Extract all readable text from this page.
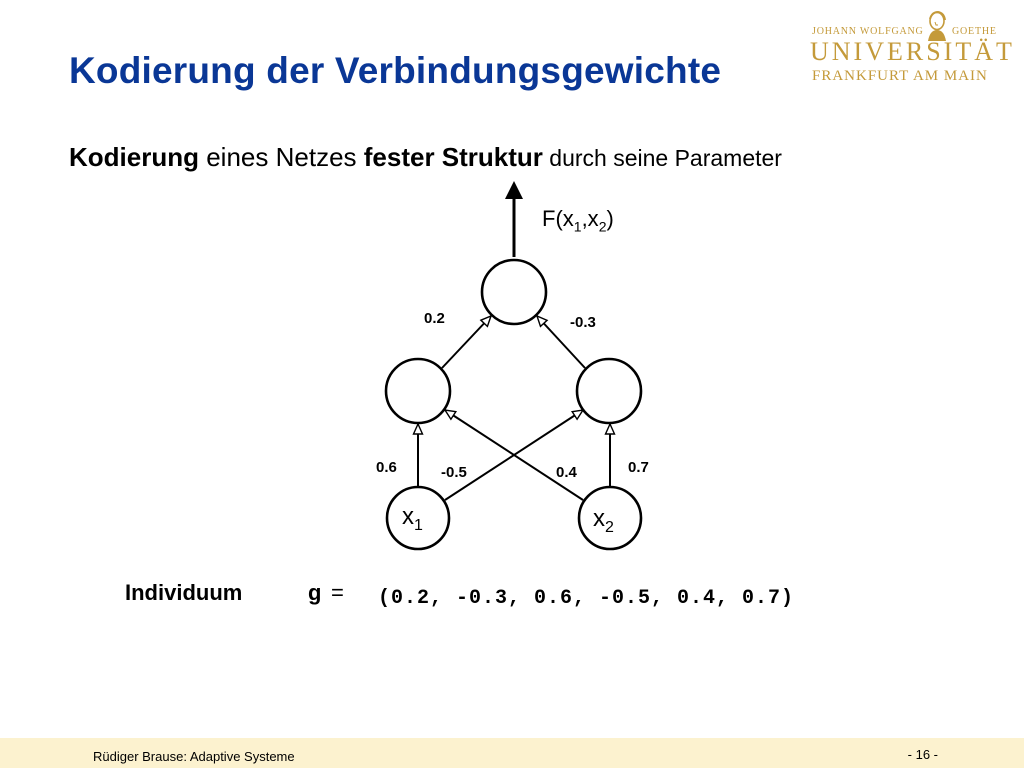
Kodierung der Verbindungsgewichte
JOHANN WOLFGANG	GOETHE
UNIVERSITÄT
FRANKFURT AM MAIN
Kodierung eines Netzes fester Struktur durch seine Parameter
0.2	-0.3
0.6	-0.5	0.4	0.7
$F(x_1,x_2)$
$x_1$	$x_2$
Individuum	g = (0.2, -0.3, 0.6, -0.5, 0.4, 0.7)
Rüdiger Brause: Adaptive Systeme	- 16 -
